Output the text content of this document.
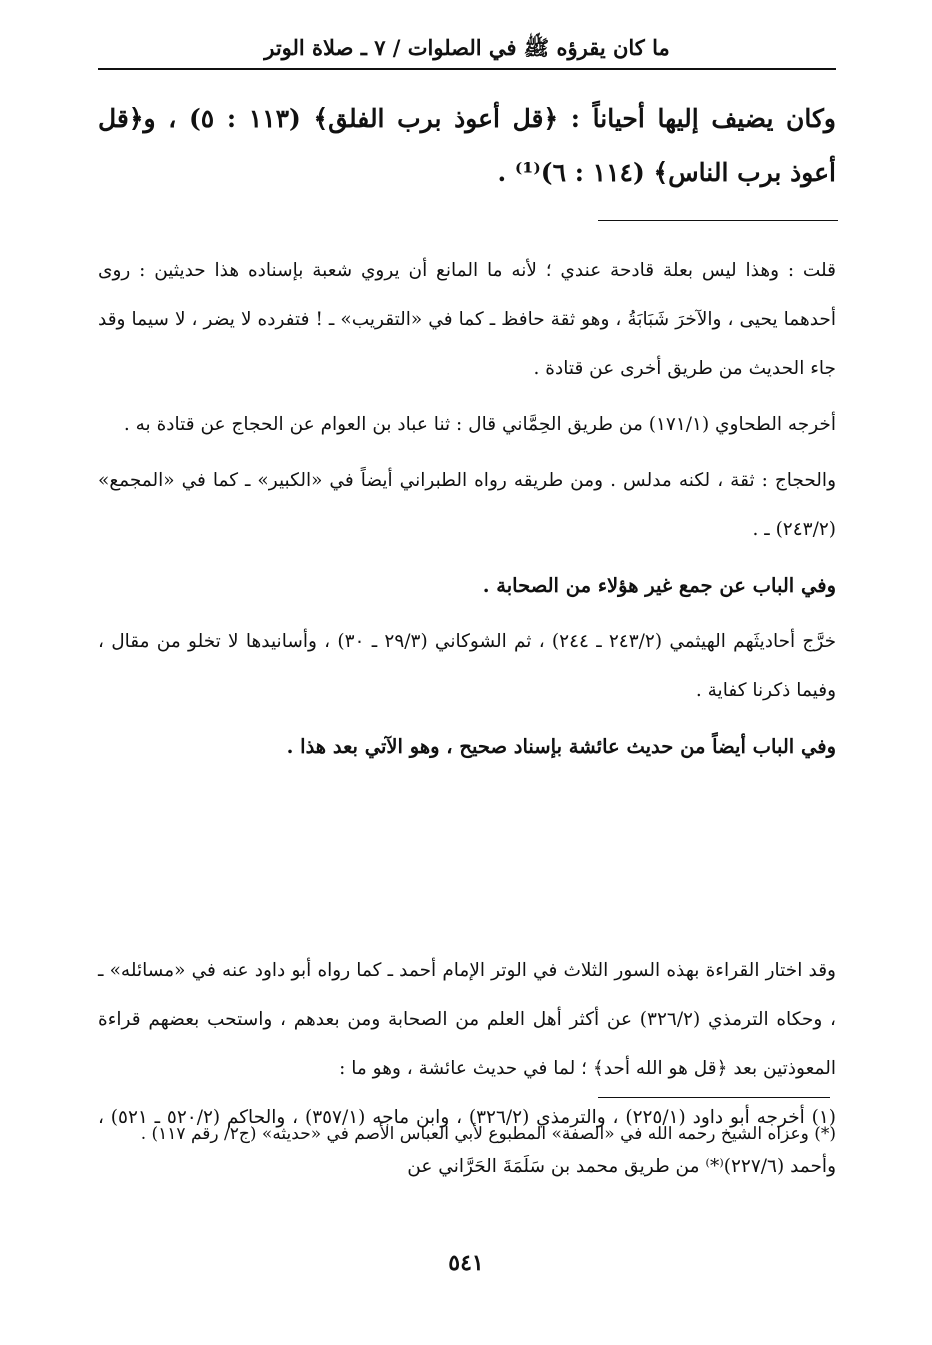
ما كان يقرؤه ﷺ في الصلوات / ٧ ـ صلاة الوتر

وكان يضيف إليها أحياناً : ﴿قل أعوذ برب الفلق﴾ (١١٣ : ٥) ، و﴿قل أعوذ برب الناس﴾ (١١٤ : ٦)⁽¹⁾ .

قلت : وهذا ليس بعلة قادحة عندي ؛ لأنه ما المانع أن يروي شعبة بإسناده هذا حديثين : روى أحدهما يحيى ، والآخرَ شَبَابَةُ ، وهو ثقة حافظ ـ كما في «التقريب» ـ ! فتفرده لا يضر ، لا سيما وقد جاء الحديث من طريق أخرى عن قتادة .

أخرجه الطحاوي (١٧١/١) من طريق الحِمَّاني قال : ثنا عباد بن العوام عن الحجاج عن قتادة به .

والحجاج : ثقة ، لكنه مدلس . ومن طريقه رواه الطبراني أيضاً في «الكبير» ـ كما في «المجمع» (٢٤٣/٢) ـ .

وفي الباب عن جمع غير هؤلاء من الصحابة .

خرَّج أحاديثَهم الهيثمي (٢٤٣/٢ ـ ٢٤٤) ، ثم الشوكاني (٢٩/٣ ـ ٣٠) ، وأسانيدها لا تخلو من مقال ، وفيما ذكرنا كفاية .

وفي الباب أيضاً من حديث عائشة بإسناد صحيح ، وهو الآتي بعد هذا .

وقد اختار القراءة بهذه السور الثلاث في الوتر الإمام أحمد ـ كما رواه أبو داود عنه في «مسائله» ـ ، وحكاه الترمذي (٣٢٦/٢) عن أكثر أهل العلم من الصحابة ومن بعدهم ، واستحب بعضهم قراءة المعوذتين بعد ﴿قل هو الله أحد﴾ ؛ لما في حديث عائشة ، وهو ما :

(١) أخرجه أبو داود (٢٢٥/١) ، والترمذي (٣٢٦/٢) ، وابن ماجه (٣٥٧/١) ، والحاكم (٥٢٠/٢ ـ ٥٢١) ، وأحمد (٢٢٧/٦)⁽*⁾ من طريق محمد بن سَلَمَةَ الحَرَّاني عن

(*) وعزاه الشيخ رحمه الله في «الصفة» المطبوع لأبي العباس الأصم في «حديثه» (ج٢/ رقم ١١٧) .

٥٤١
